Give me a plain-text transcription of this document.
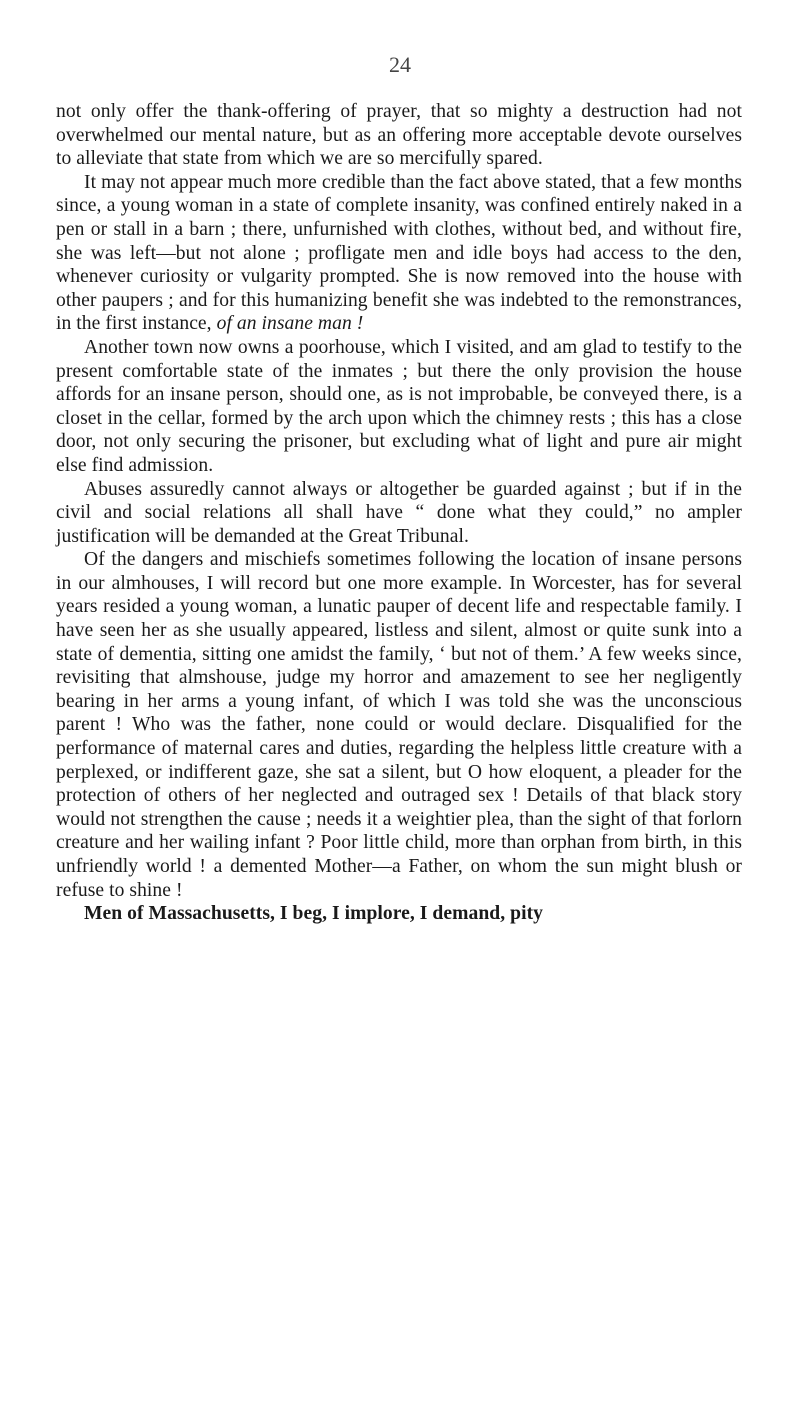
24

not only offer the thank-offering of prayer, that so mighty a destruction had not overwhelmed our mental nature, but as an offering more acceptable devote ourselves to alleviate that state from which we are so mercifully spared.

It may not appear much more credible than the fact above stated, that a few months since, a young woman in a state of complete insanity, was confined entirely naked in a pen or stall in a barn ; there, unfurnished with clothes, without bed, and without fire, she was left—but not alone ; profligate men and idle boys had access to the den, whenever curiosity or vulgarity prompted. She is now removed into the house with other paupers ; and for this humanizing benefit she was indebted to the remonstrances, in the first instance, of an insane man !

Another town now owns a poorhouse, which I visited, and am glad to testify to the present comfortable state of the inmates ; but there the only provision the house affords for an insane person, should one, as is not improbable, be conveyed there, is a closet in the cellar, formed by the arch upon which the chimney rests ; this has a close door, not only securing the prisoner, but excluding what of light and pure air might else find admission.

Abuses assuredly cannot always or altogether be guarded against ; but if in the civil and social relations all shall have “ done what they could,” no ampler justification will be demanded at the Great Tribunal.

Of the dangers and mischiefs sometimes following the location of insane persons in our almhouses, I will record but one more example. In Worcester, has for several years resided a young woman, a lunatic pauper of decent life and respectable family. I have seen her as she usually appeared, listless and silent, almost or quite sunk into a state of dementia, sitting one amidst the family, ‘ but not of them.’ A few weeks since, revisiting that almshouse, judge my horror and amazement to see her negligently bearing in her arms a young infant, of which I was told she was the unconscious parent ! Who was the father, none could or would declare. Disqualified for the performance of maternal cares and duties, regarding the helpless little creature with a perplexed, or indifferent gaze, she sat a silent, but O how eloquent, a pleader for the protection of others of her neglected and outraged sex ! Details of that black story would not strengthen the cause ; needs it a weightier plea, than the sight of that forlorn creature and her wailing infant ? Poor little child, more than orphan from birth, in this unfriendly world ! a demented Mother—a Father, on whom the sun might blush or refuse to shine !

Men of Massachusetts, I beg, I implore, I demand, pity
